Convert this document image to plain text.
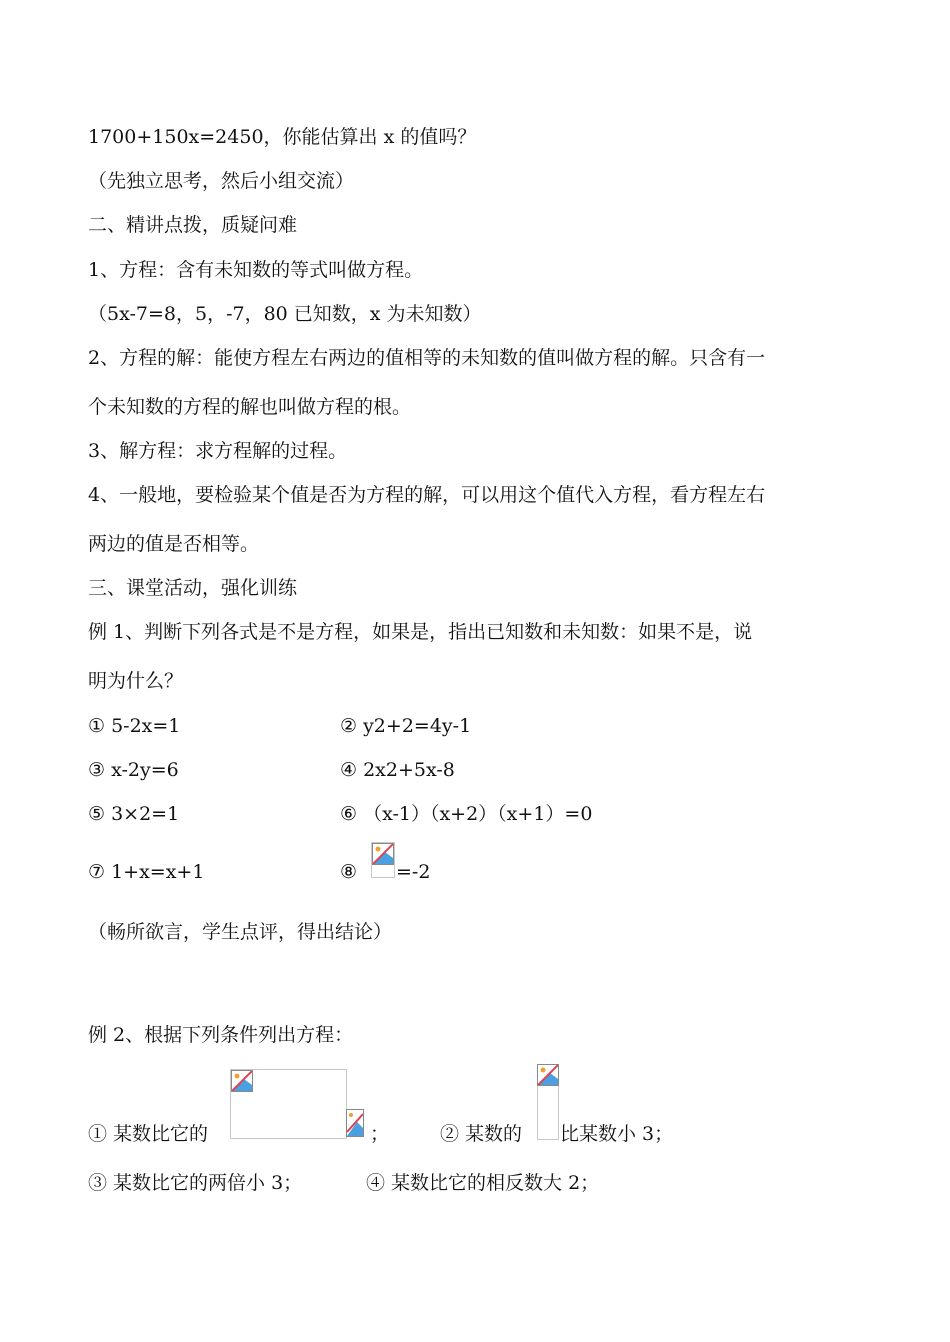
1700+150x=2450，你能估算出 x 的值吗？
（先独立思考，然后小组交流）
二、精讲点拨，质疑问难
1、方程：含有未知数的等式叫做方程。
（5x-7=8，5，-7，80 已知数，x 为未知数）
2、方程的解：能使方程左右两边的值相等的未知数的值叫做方程的解。只含有一
个未知数的方程的解也叫做方程的根。
3、解方程：求方程解的过程。
4、一般地，要检验某个值是否为方程的解，可以用这个值代入方程，看方程左右
两边的值是否相等。
三、课堂活动，强化训练
例 1、判断下列各式是不是方程，如果是，指出已知数和未知数：如果不是，说
明为什么？
① 5-2x=1	② y2+2=4y-1
③ x-2y=6	④ 2x2+5x-8
⑤ 3×2=1	⑥ （x-1）（x+2）（x+1）=0
⑦ 1+x=x+1	⑧ =-2
（畅所欲言，学生点评，得出结论）
例 2、根据下列条件列出方程：
① 某数比它的	；	② 某数的 比某数小 3；
③ 某数比它的两倍小 3；	④ 某数比它的相反数大 2；
